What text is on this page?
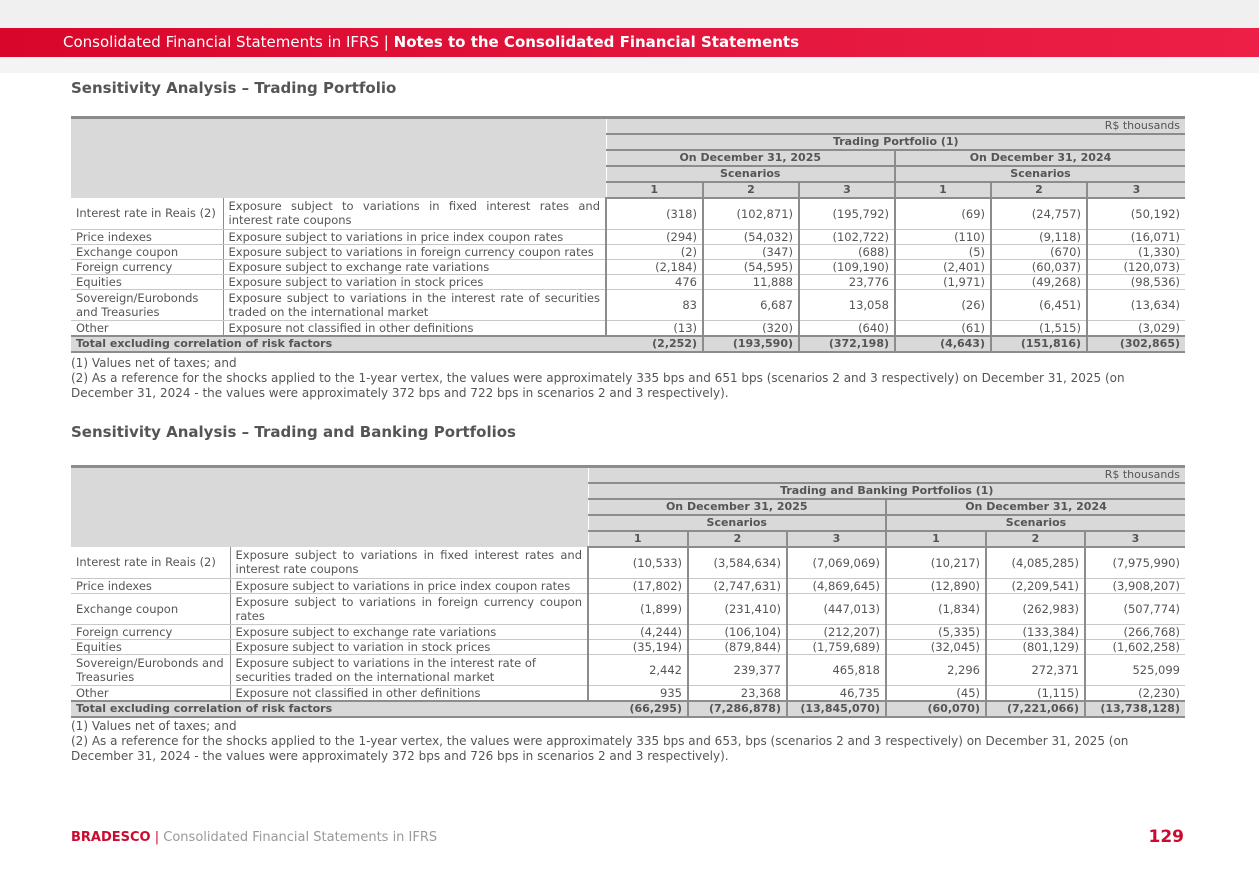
Consolidated Financial Statements in IFRS | Notes to the Consolidated Financial Statements
Sensitivity Analysis – Trading Portfolio
		R$ thousands					
		Trading Portfolio (1)					
		On December 31, 2025			On December 31, 2024		
		Scenarios			Scenarios		
		1	2	3	1	2	3
Interest rate in Reais (2)	Exposure subject to variations in fixed interest rates and interest rate coupons	(318)	(102,871)	(195,792)	(69)	(24,757)	(50,192)
Price indexes	Exposure subject to variations in price index coupon rates	(294)	(54,032)	(102,722)	(110)	(9,118)	(16,071)
Exchange coupon	Exposure subject to variations in foreign currency coupon rates	(2)	(347)	(688)	(5)	(670)	(1,330)
Foreign currency	Exposure subject to exchange rate variations	(2,184)	(54,595)	(109,190)	(2,401)	(60,037)	(120,073)
Equities	Exposure subject to variation in stock prices	476	11,888	23,776	(1,971)	(49,268)	(98,536)
Sovereign/Eurobonds and Treasuries	Exposure subject to variations in the interest rate of securities traded on the international market	83	6,687	13,058	(26)	(6,451)	(13,634)
Other	Exposure not classified in other definitions	(13)	(320)	(640)	(61)	(1,515)	(3,029)
Total excluding correlation of risk factors		(2,252)	(193,590)	(372,198)	(4,643)	(151,816)	(302,865)

(1) Values net of taxes; and

(2) As a reference for the shocks applied to the 1-year vertex, the values were approximately 335 bps and 651 bps (scenarios 2 and 3 respectively) on December 31, 2025 (on December 31, 2024 - the values were approximately 372 bps and 722 bps in scenarios 2 and 3 respectively).

Sensitivity Analysis – Trading and Banking Portfolios
		R$ thousands					
		Trading and Banking Portfolios (1)					
		On December 31, 2025			On December 31, 2024		
		Scenarios			Scenarios		
		1	2	3	1	2	3
Interest rate in Reais (2)	Exposure subject to variations in fixed interest rates and interest rate coupons	(10,533)	(3,584,634)	(7,069,069)	(10,217)	(4,085,285)	(7,975,990)
Price indexes	Exposure subject to variations in price index coupon rates	(17,802)	(2,747,631)	(4,869,645)	(12,890)	(2,209,541)	(3,908,207)
Exchange coupon	Exposure subject to variations in foreign currency coupon rates	(1,899)	(231,410)	(447,013)	(1,834)	(262,983)	(507,774)
Foreign currency	Exposure subject to exchange rate variations	(4,244)	(106,104)	(212,207)	(5,335)	(133,384)	(266,768)
Equities	Exposure subject to variation in stock prices	(35,194)	(879,844)	(1,759,689)	(32,045)	(801,129)	(1,602,258)
Sovereign/Eurobonds and Treasuries	Exposure subject to variations in the interest rate of securities traded on the international market	2,442	239,377	465,818	2,296	272,371	525,099
Other	Exposure not classified in other definitions	935	23,368	46,735	(45)	(1,115)	(2,230)
Total excluding correlation of risk factors		(66,295)	(7,286,878)	(13,845,070)	(60,070)	(7,221,066)	(13,738,128)

(1) Values net of taxes; and

(2) As a reference for the shocks applied to the 1-year vertex, the values were approximately 335 bps and 653, bps (scenarios 2 and 3 respectively) on December 31, 2025 (on December 31, 2024 - the values were approximately 372 bps and 726 bps in scenarios 2 and 3 respectively).

BRADESCO | Consolidated Financial Statements in IFRS	129
